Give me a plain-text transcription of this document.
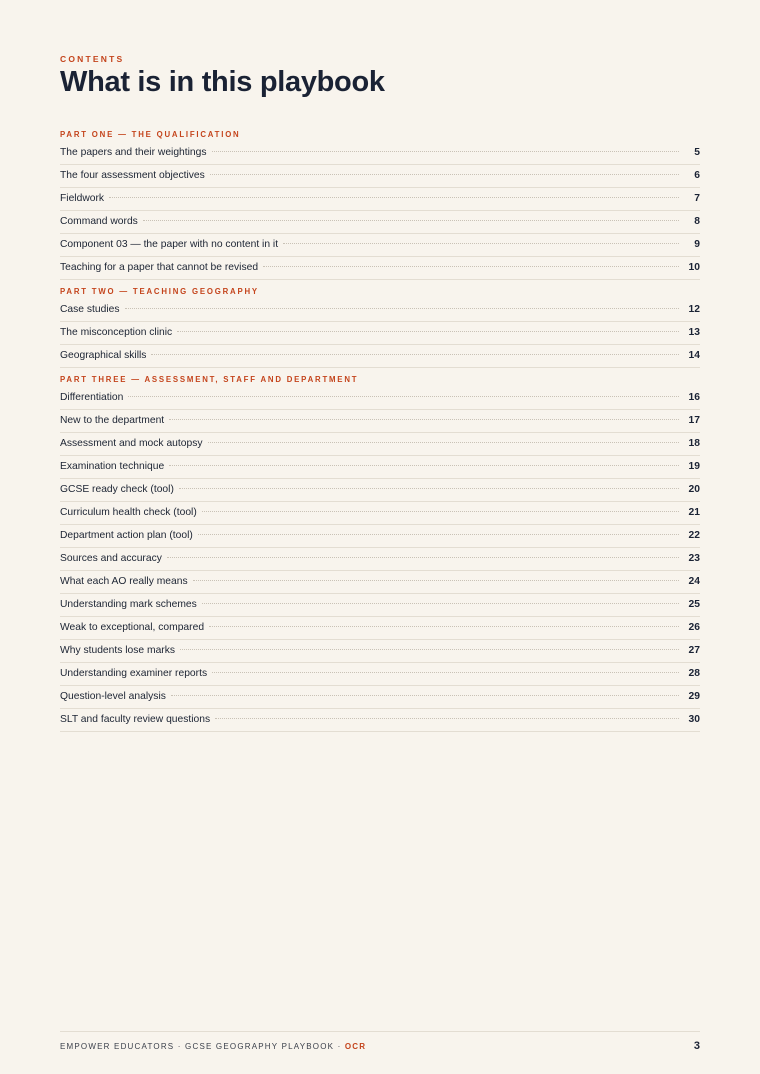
CONTENTS
What is in this playbook
PART ONE — THE QUALIFICATION
The papers and their weightings	5
The four assessment objectives	6
Fieldwork	7
Command words	8
Component 03 — the paper with no content in it	9
Teaching for a paper that cannot be revised	10
PART TWO — TEACHING GEOGRAPHY
Case studies	12
The misconception clinic	13
Geographical skills	14
PART THREE — ASSESSMENT, STAFF AND DEPARTMENT
Differentiation	16
New to the department	17
Assessment and mock autopsy	18
Examination technique	19
GCSE ready check (tool)	20
Curriculum health check (tool)	21
Department action plan (tool)	22
Sources and accuracy	23
What each AO really means	24
Understanding mark schemes	25
Weak to exceptional, compared	26
Why students lose marks	27
Understanding examiner reports	28
Question-level analysis	29
SLT and faculty review questions	30
EMPOWER EDUCATORS · GCSE GEOGRAPHY PLAYBOOK · OCR	3
